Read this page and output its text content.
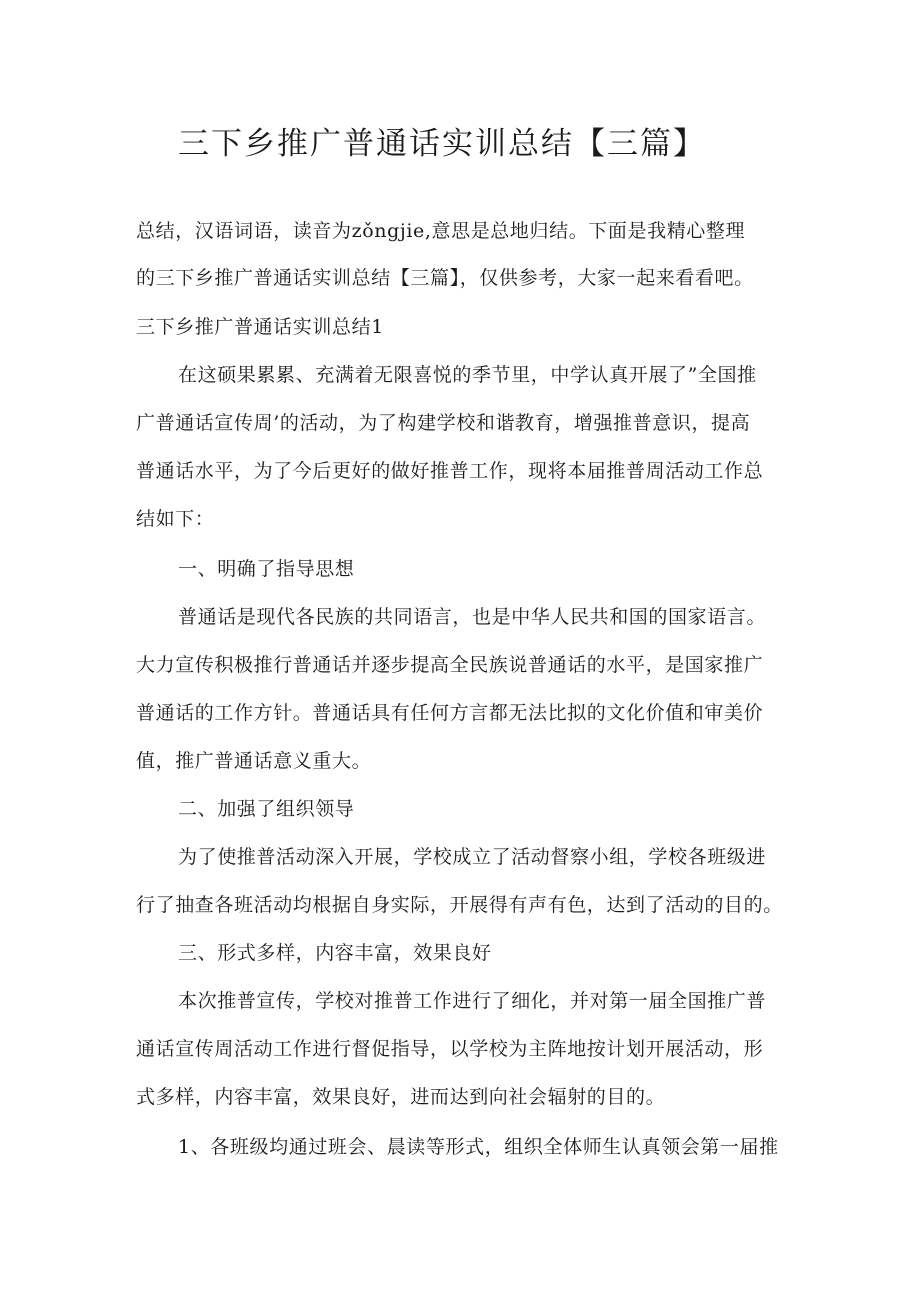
三下乡推广普通话实训总结【三篇】
总结，汉语词语，读音为zǒngjie,意思是总地归结。下面是我精心整理
的三下乡推广普通话实训总结【三篇】，仅供参考，大家一起来看看吧。
三下乡推广普通话实训总结1
在这硕果累累、充满着无限喜悦的季节里，中学认真开展了”全国推
广普通话宣传周’的活动，为了构建学校和谐教育，增强推普意识，提高
普通话水平，为了今后更好的做好推普工作，现将本届推普周活动工作总
结如下：
一、明确了指导思想
普通话是现代各民族的共同语言，也是中华人民共和国的国家语言。
大力宣传积极推行普通话并逐步提高全民族说普通话的水平，是国家推广
普通话的工作方针。普通话具有任何方言都无法比拟的文化价值和审美价
值，推广普通话意义重大。
二、加强了组织领导
为了使推普活动深入开展，学校成立了活动督察小组，学校各班级进
行了抽查各班活动均根据自身实际，开展得有声有色，达到了活动的目的。
三、形式多样，内容丰富，效果良好
本次推普宣传，学校对推普工作进行了细化，并对第一届全国推广普
通话宣传周活动工作进行督促指导，以学校为主阵地按计划开展活动，形
式多样，内容丰富，效果良好，进而达到向社会辐射的目的。
1、各班级均通过班会、晨读等形式，组织全体师生认真领会第一届推
